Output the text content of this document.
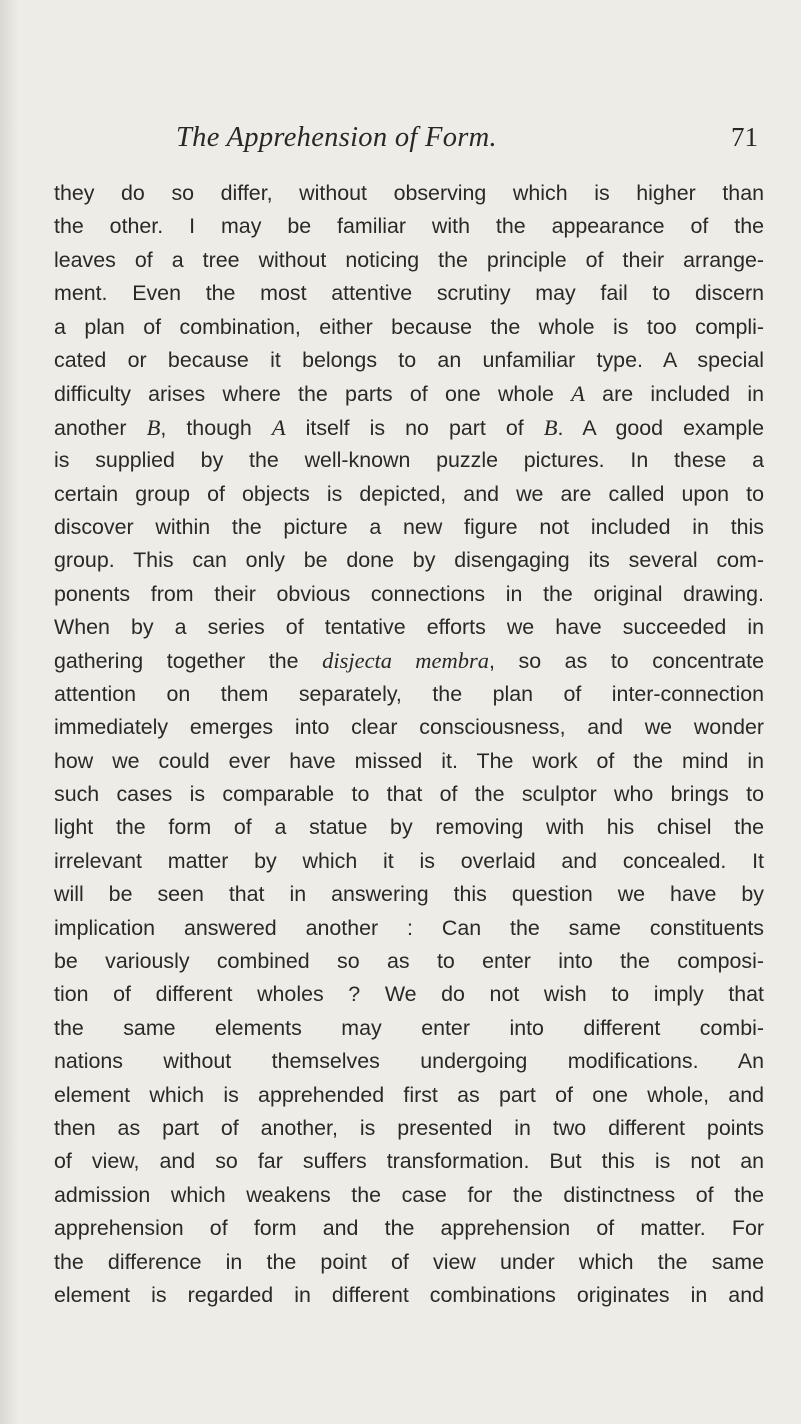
The Apprehension of Form.	71
they do so differ, without observing which is higher than
the other. I may be familiar with the appearance of the
leaves of a tree without noticing the principle of their arrange-
ment. Even the most attentive scrutiny may fail to discern
a plan of combination, either because the whole is too compli-
cated or because it belongs to an unfamiliar type. A special
difficulty arises where the parts of one whole A are included in
another B, though A itself is no part of B. A good example
is supplied by the well-known puzzle pictures. In these a
certain group of objects is depicted, and we are called upon to
discover within the picture a new figure not included in this
group. This can only be done by disengaging its several com-
ponents from their obvious connections in the original drawing.
When by a series of tentative efforts we have succeeded in
gathering together the disjecta membra, so as to concentrate
attention on them separately, the plan of inter-connection
immediately emerges into clear consciousness, and we wonder
how we could ever have missed it. The work of the mind in
such cases is comparable to that of the sculptor who brings to
light the form of a statue by removing with his chisel the
irrelevant matter by which it is overlaid and concealed. It
will be seen that in answering this question we have by
implication answered another : Can the same constituents
be variously combined so as to enter into the composi-
tion of different wholes ? We do not wish to imply that
the same elements may enter into different combi-
nations without themselves undergoing modifications. An
element which is apprehended first as part of one whole, and
then as part of another, is presented in two different points
of view, and so far suffers transformation. But this is not an
admission which weakens the case for the distinctness of the
apprehension of form and the apprehension of matter. For
the difference in the point of view under which the same
element is regarded in different combinations originates in and
